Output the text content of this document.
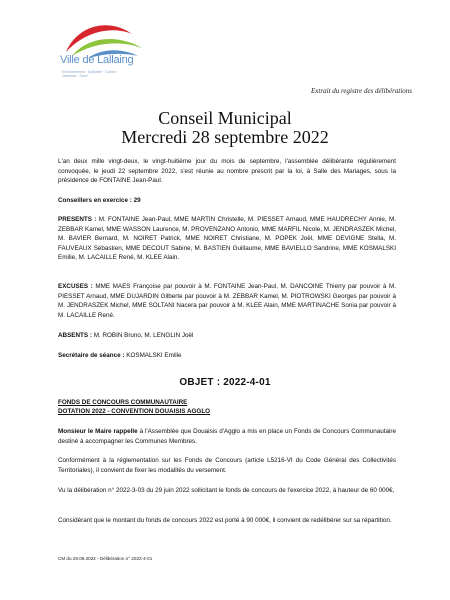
Ville de Lallaing
Environnement · Solidarité · Culture · Jeunesse · Sport
Extrait du registre des délibérations
Conseil Municipal
Mercredi 28 septembre 2022
L'an deux mille vingt-deux, le vingt-huitième jour du mois de septembre, l'assemblée délibérante régulièrement convoquée, le jeudi 22 septembre 2022, s'est réunie au nombre prescrit par la loi, à Salle des Mariages, sous la présidence de FONTAINE Jean-Paul.
Conseillers en exercice : 29
PRESENTS : M. FONTAINE Jean-Paul, MME MARTIN Christelle, M. PIESSET Arnaud, MME HAUDRECHY Annie, M. ZEBBAR Kamel, MME WASSON Laurence, M. PROVENZANO Antonio, MME MARFIL Nicole, M. JENDRASZEK Michel, M. BAVIER Bernard, M. NOIRET Patrick, MME NOIRET Christiane, M. POPEK Joël, MME DEVIGNE Stella, M. FAUVEAUX Sébastien, MME DECOUT Sabine, M. BASTIEN Guillaume, MME BAVIELLO Sandrine, MME KOSMALSKI Emilie, M. LACAILLE René, M. KLEE Alain.
EXCUSES : MME MAES Françoise par pouvoir à M. FONTAINE Jean-Paul, M. DANCOINE Thierry par pouvoir à M. PIESSET Arnaud, MME DUJARDIN Gilberte par pouvoir à M. ZEBBAR Kamel, M. PIOTROWSKI Georges par pouvoir à M. JENDRASZEK Michel, MME SOLTANI Nacera par pouvoir à M. KLEE Alain, MME MARTINACHE Sonia par pouvoir à M. LACAILLE René.
ABSENTS : M. ROBIN Bruno, M. LENGLIN Joël
Secrétaire de séance : KOSMALSKI Emilie
OBJET : 2022-4-01
FONDS DE CONCOURS COMMUNAUTAIRE
DOTATION 2022 - CONVENTION DOUAISIS AGGLO
Monsieur le Maire rappelle à l'Assemblée que Douaisis d'Agglo a mis en place un Fonds de Concours Communautaire destiné à accompagner les Communes Membres.
Conformément à la réglementation sur les Fonds de Concours (article L5216-VI du Code Général des Collectivités Territoriales), il convient de fixer les modalités du versement.
Vu la délibération n° 2022-3-03 du 29 juin 2022 sollicitant le fonds de concours de l'exercice 2022, à hauteur de 60 000€,
Considérant que le montant du fonds de concours 2022 est porté à 90 000€, il convient de redélibérer sur sa répartition.
CM du 28.09.2022 - Délibération n° 2022-4-01
